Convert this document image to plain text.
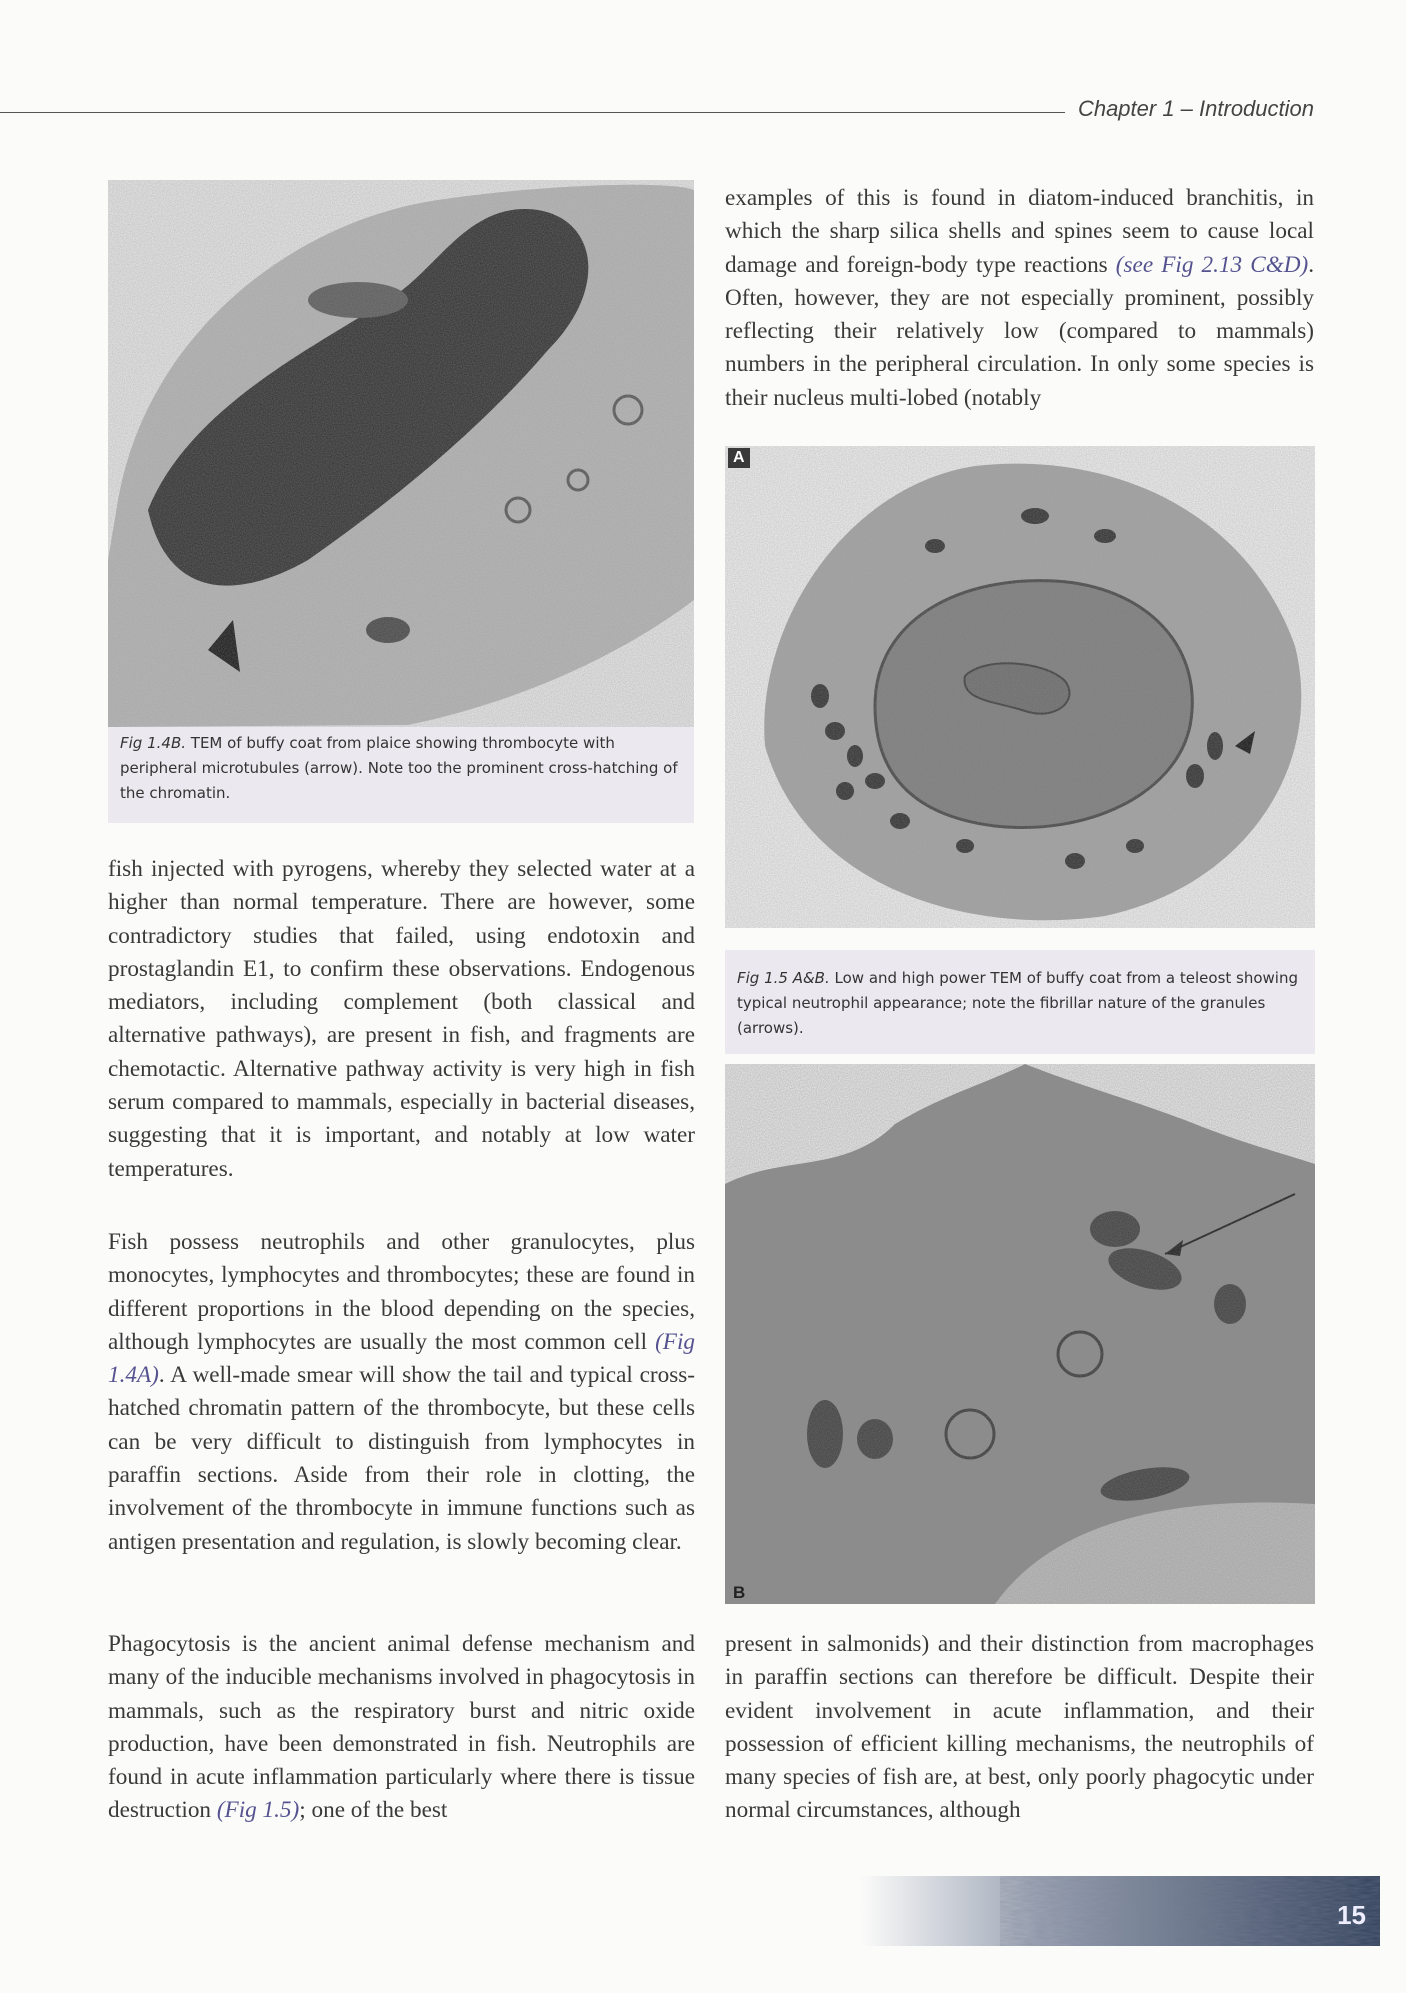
Chapter 1 – Introduction
Fig 1.4B. TEM of buffy coat from plaice showing thrombocyte with peripheral microtubules (arrow). Note too the prominent cross-hatching of the chromatin.
examples of this is found in diatom-induced branchitis, in which the sharp silica shells and spines seem to cause local damage and foreign-body type reactions (see Fig 2.13 C&D). Often, however, they are not especially prominent, possibly reflecting their relatively low (compared to mammals) numbers in the peripheral circulation. In only some species is their nucleus multi-lobed (notably
A
Fig 1.5 A&B. Low and high power TEM of buffy coat from a teleost showing typical neutrophil appearance; note the fibrillar nature of the granules (arrows).
B
present in salmonids) and their distinction from macrophages in paraffin sections can therefore be difficult. Despite their evident involvement in acute inflammation, and their possession of efficient killing mechanisms, the neutrophils of many species of fish are, at best, only poorly phagocytic under normal circumstances, although
fish injected with pyrogens, whereby they selected water at a higher than normal temperature. There are however, some contradictory studies that failed, using endotoxin and prostaglandin E1, to confirm these observations. Endogenous mediators, including complement (both classical and alternative pathways), are present in fish, and fragments are chemotactic. Alternative pathway activity is very high in fish serum compared to mammals, especially in bacterial diseases, suggesting that it is important, and notably at low water temperatures.
Fish possess neutrophils and other granulocytes, plus monocytes, lymphocytes and thrombocytes; these are found in different proportions in the blood depending on the species, although lymphocytes are usually the most common cell (Fig 1.4A). A well-made smear will show the tail and typical cross-hatched chromatin pattern of the thrombocyte, but these cells can be very difficult to distinguish from lymphocytes in paraffin sections. Aside from their role in clotting, the involvement of the thrombocyte in immune functions such as antigen presentation and regulation, is slowly becoming clear.
Phagocytosis is the ancient animal defense mechanism and many of the inducible mechanisms involved in phagocytosis in mammals, such as the respiratory burst and nitric oxide production, have been demonstrated in fish. Neutrophils are found in acute inflammation particularly where there is tissue destruction (Fig 1.5); one of the best
15
